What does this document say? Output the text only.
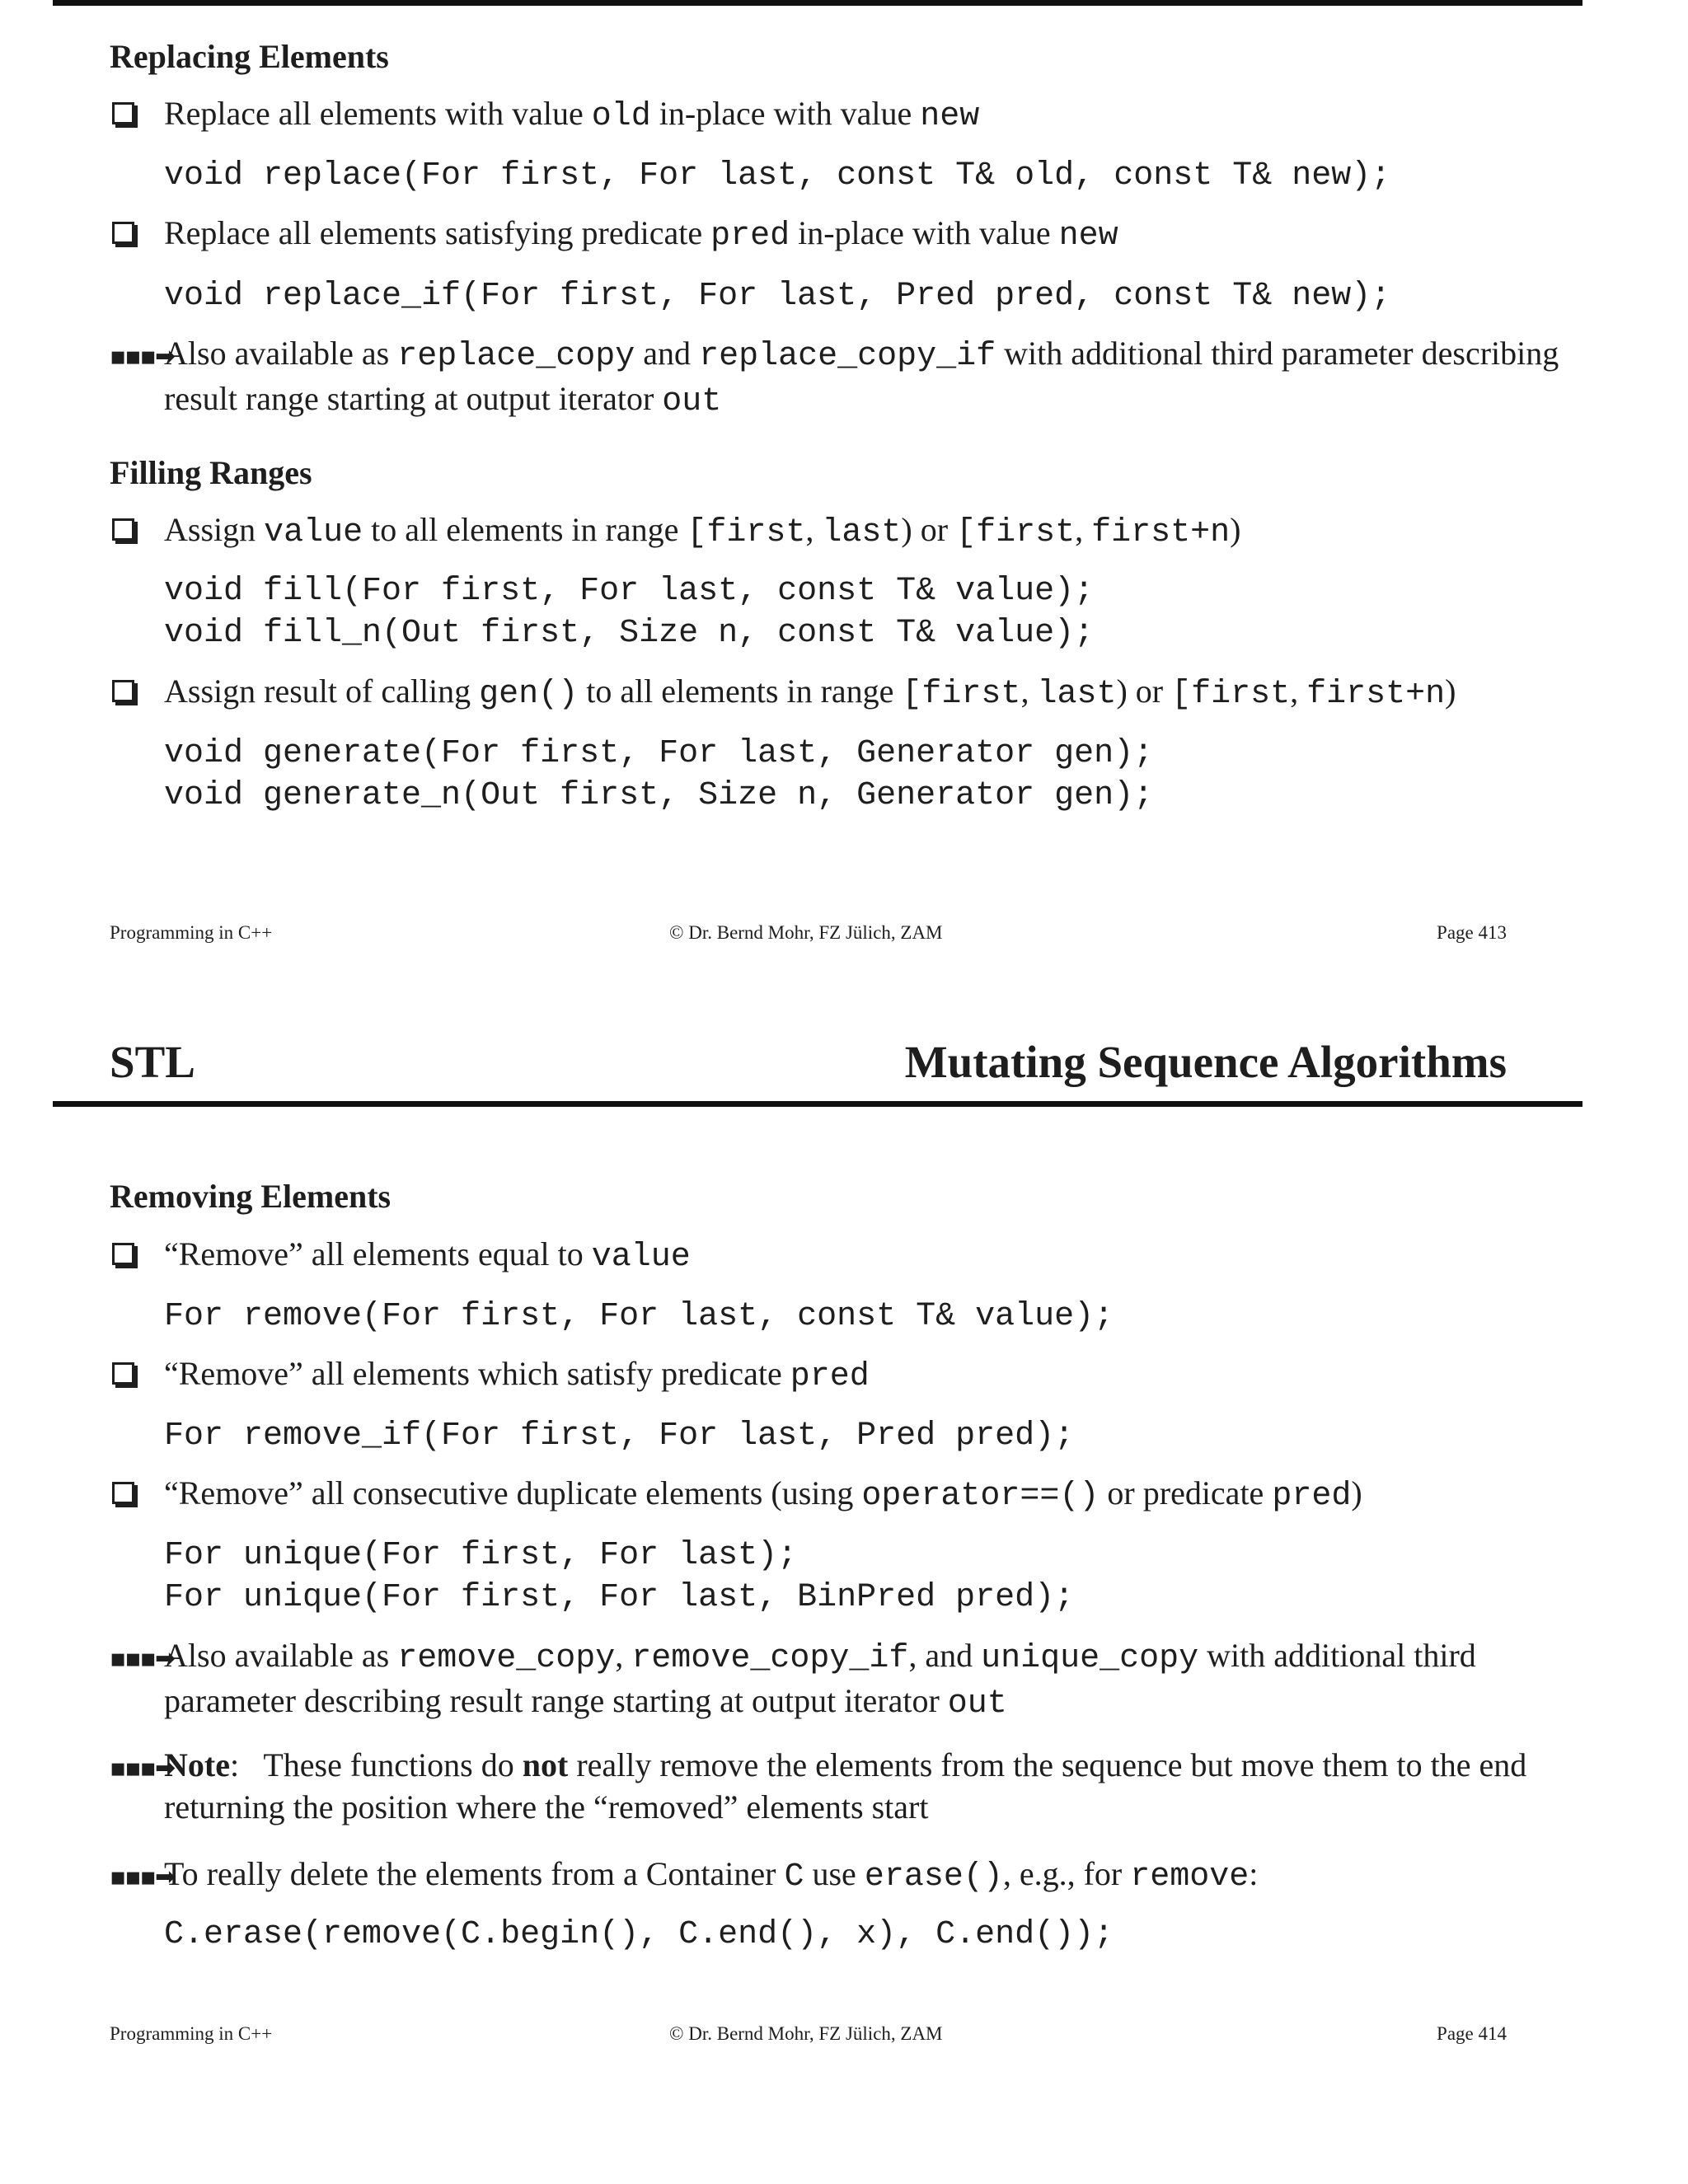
Replacing Elements
Replace all elements with value old in-place with value new
void replace(For first, For last, const T& old, const T& new);
Replace all elements satisfying predicate pred in-place with value new
void replace_if(For first, For last, Pred pred, const T& new);
▪▪▪➡
Also available as replace_copy and replace_copy_if with additional third parameter describing result range starting at output iterator out
Filling Ranges
Assign value to all elements in range [first, last) or [first, first+n)
void fill(For first, For last, const T& value);
void fill_n(Out first, Size n, const T& value);
Assign result of calling gen() to all elements in range [first, last) or [first, first+n)
void generate(For first, For last, Generator gen);
void generate_n(Out first, Size n, Generator gen);
Programming in C++	© Dr. Bernd Mohr, FZ Jülich, ZAM	Page 413
STL	Mutating Sequence Algorithms
Removing Elements
“Remove” all elements equal to value
For remove(For first, For last, const T& value);
“Remove” all elements which satisfy predicate pred
For remove_if(For first, For last, Pred pred);
“Remove” all consecutive duplicate elements (using operator==() or predicate pred)
For unique(For first, For last);
For unique(For first, For last, BinPred pred);
▪▪▪➡
Also available as remove_copy, remove_copy_if, and unique_copy with additional third parameter describing result range starting at output iterator out
▪▪▪➡
Note:   These functions do not really remove the elements from the sequence but move them to the end returning the position where the “removed” elements start
▪▪▪➡
To really delete the elements from a Container C use erase(), e.g., for remove:
C.erase(remove(C.begin(), C.end(), x), C.end());
Programming in C++	© Dr. Bernd Mohr, FZ Jülich, ZAM	Page 414
